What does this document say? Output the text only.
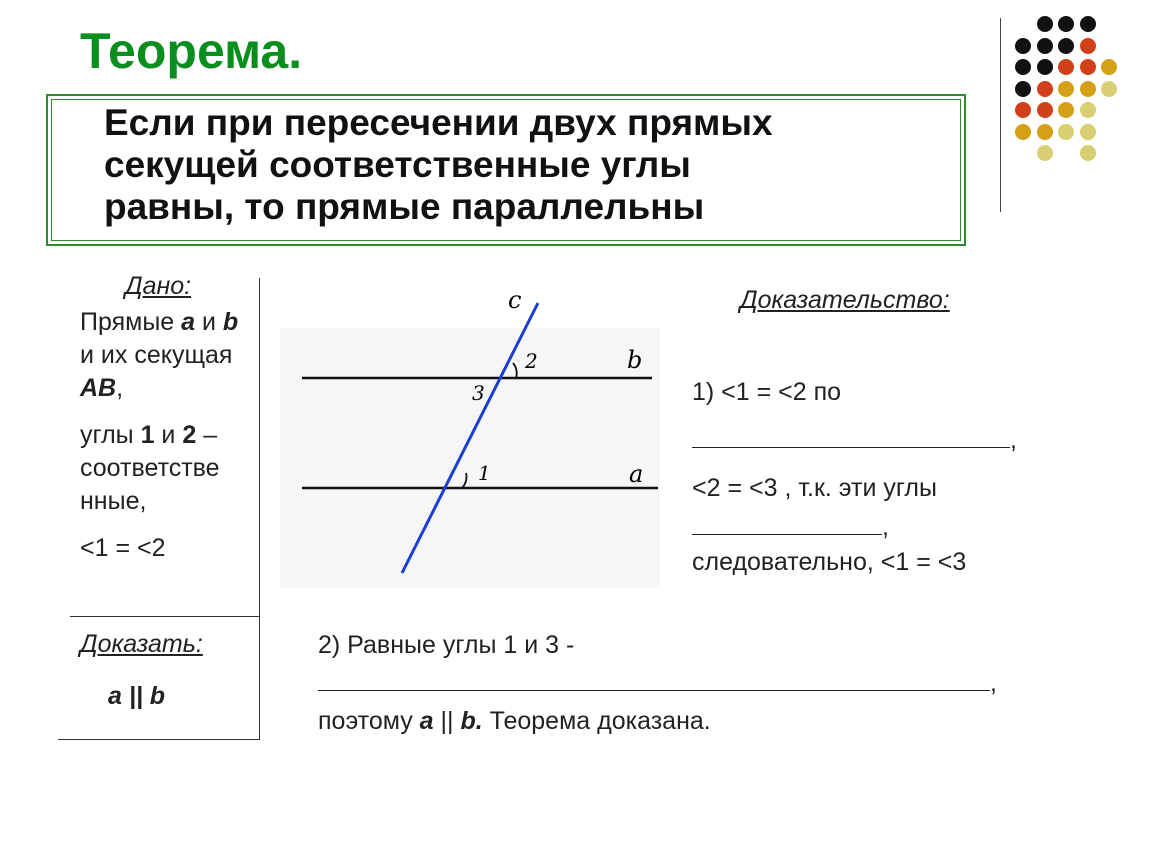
Теорема.
Если при пересечении двух прямых
секущей соответственные углы
равны, то прямые параллельны
Дано:

Прямые a и b и их секущая AB,

углы 1 и 2 – соответстве нные,

<1 = <2

Доказать:
a || b
c
b
a
2
3
1
Доказательство:
1) <1 = <2 по
,
<2 = <3 , т.к. эти углы
,
следовательно, <1 = <3
2) Равные углы 1 и 3 -
,
поэтому a || b. Теорема доказана.
